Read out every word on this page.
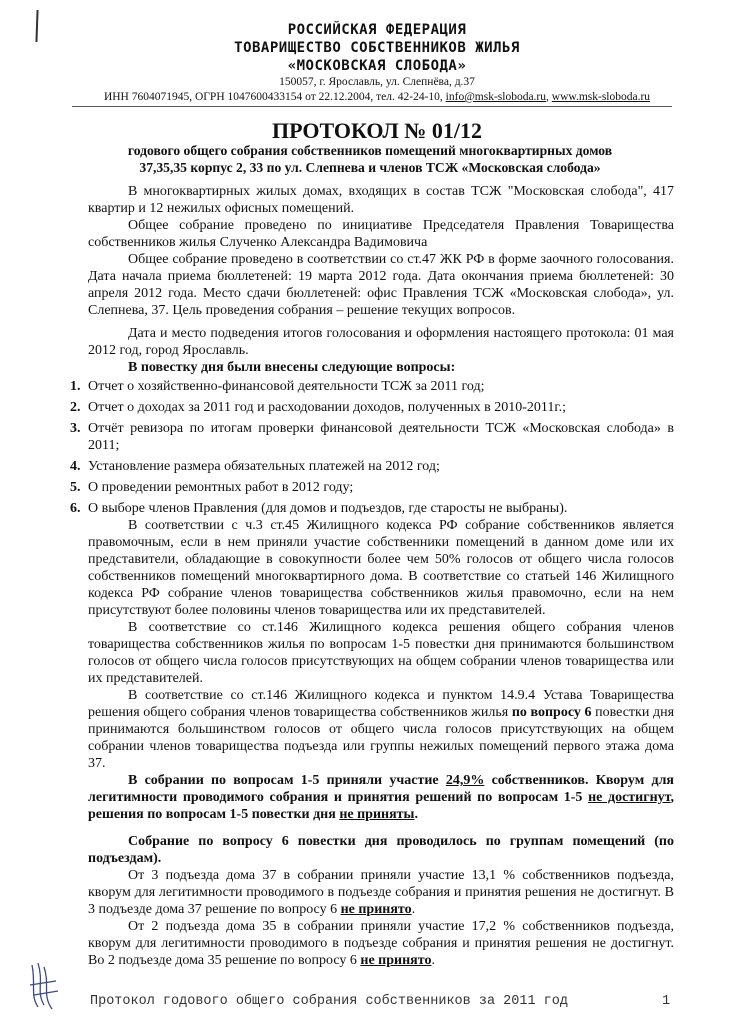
РОССИЙСКАЯ ФЕДЕРАЦИЯ
ТОВАРИЩЕСТВО СОБСТВЕННИКОВ ЖИЛЬЯ
«МОСКОВСКАЯ СЛОБОДА»
150057, г. Ярославль, ул. Слепнёва, д.37
ИНН 7604071945, ОГРН 1047600433154 от 22.12.2004, тел. 42-24-10, info@msk-sloboda.ru, www.msk-sloboda.ru
ПРОТОКОЛ № 01/12
годового общего собрания собственников помещений многоквартирных домов
37,35,35 корпус 2, 33 по ул. Слепнева и членов ТСЖ «Московская слобода»

В многоквартирных жилых домах, входящих в состав ТСЖ "Московская слобода", 417 квартир и 12 нежилых офисных помещений.

Общее собрание проведено по инициативе Председателя Правления Товарищества собственников жилья Слученко Александра Вадимовича

Общее собрание проведено в соответствии со ст.47 ЖК РФ в форме заочного голосования. Дата начала приема бюллетеней: 19 марта 2012 года. Дата окончания приема бюллетеней: 30 апреля 2012 года. Место сдачи бюллетеней: офис Правления ТСЖ «Московская слобода», ул. Слепнева, 37. Цель проведения собрания – решение текущих вопросов.

Дата и место подведения итогов голосования и оформления настоящего протокола: 01 мая 2012 год, город Ярославль.

В повестку дня были внесены следующие вопросы:

1. Отчет о хозяйственно-финансовой деятельности ТСЖ за 2011 год;
2. Отчет о доходах за 2011 год и расходовании доходов, полученных в 2010-2011г.;
3. Отчёт ревизора по итогам проверки финансовой деятельности ТСЖ «Московская слобода» в 2011;
4. Установление размера обязательных платежей на 2012 год;
5. О проведении ремонтных работ в 2012 году;
6. О выборе членов Правления (для домов и подъездов, где старосты не выбраны).

В соответствии с ч.3 ст.45 Жилищного кодекса РФ собрание собственников является правомочным, если в нем приняли участие собственники помещений в данном доме или их представители, обладающие в совокупности более чем 50% голосов от общего числа голосов собственников помещений многоквартирного дома. В соответствие со статьей 146 Жилищного кодекса РФ собрание членов товарищества собственников жилья правомочно, если на нем присутствуют более половины членов товарищества или их представителей.

В соответствие со ст.146 Жилищного кодекса решения общего собрания членов товарищества собственников жилья по вопросам 1-5 повестки дня принимаются большинством голосов от общего числа голосов присутствующих на общем собрании членов товарищества или их представителей.

В соответствие со ст.146 Жилищного кодекса и пунктом 14.9.4 Устава Товарищества решения общего собрания членов товарищества собственников жилья по вопросу 6 повестки дня принимаются большинством голосов от общего числа голосов присутствующих на общем собрании членов товарищества подъезда или группы нежилых помещений первого этажа дома 37.

В собрании по вопросам 1-5 приняли участие 24,9% собственников. Кворум для легитимности проводимого собрания и принятия решений по вопросам 1-5 не достигнут, решения по вопросам 1-5 повестки дня не приняты.

Собрание по вопросу 6 повестки дня проводилось по группам помещений (по подъездам).

От 3 подъезда дома 37 в собрании приняли участие 13,1 % собственников подъезда, кворум для легитимности проводимого в подъезде собрания и принятия решения не достигнут. В 3 подъезде дома 37 решение по вопросу 6 не принято.

От 2 подъезда дома 35 в собрании приняли участие 17,2 % собственников подъезда, кворум для легитимности проводимого в подъезде собрания и принятия решения не достигнут. Во 2 подъезде дома 35 решение по вопросу 6 не принято.

Протокол годового общего собрания собственников за 2011 год	1
